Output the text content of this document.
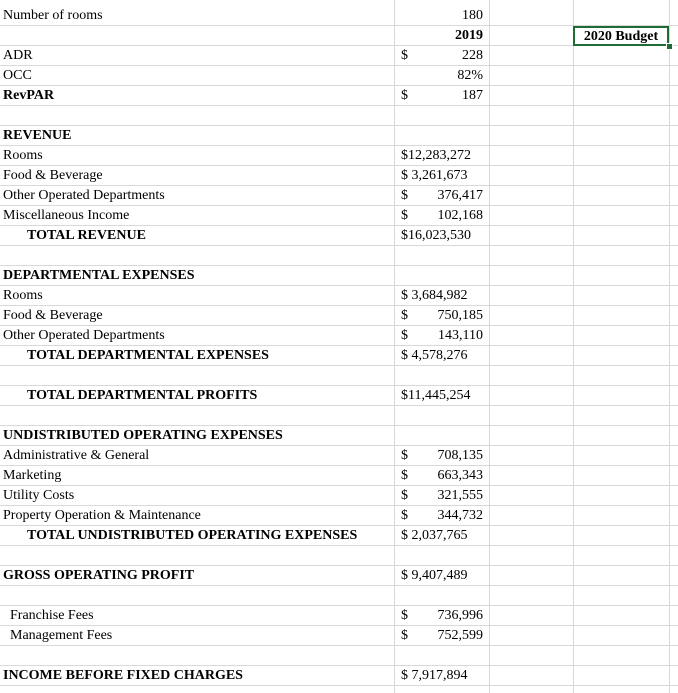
Number of rooms	180
2019	2020 Budget
ADR	$	228
OCC	82%
RevPAR	$	187
REVENUE
Rooms	$12,283,272
Food & Beverage	$ 3,261,673
Other Operated Departments	$ 376,417
Miscellaneous Income	$ 102,168
TOTAL REVENUE	$16,023,530
DEPARTMENTAL EXPENSES
Rooms	$ 3,684,982
Food & Beverage	$ 750,185
Other Operated Departments	$ 143,110
TOTAL DEPARTMENTAL EXPENSES	$ 4,578,276
TOTAL DEPARTMENTAL PROFITS	$11,445,254
UNDISTRIBUTED OPERATING EXPENSES
Administrative & General	$ 708,135
Marketing	$ 663,343
Utility Costs	$ 321,555
Property Operation & Maintenance	$ 344,732
TOTAL UNDISTRIBUTED OPERATING EXPENSES	$ 2,037,765
GROSS OPERATING PROFIT	$ 9,407,489
Franchise Fees	$ 736,996
Management Fees	$ 752,599
INCOME BEFORE FIXED CHARGES	$ 7,917,894
